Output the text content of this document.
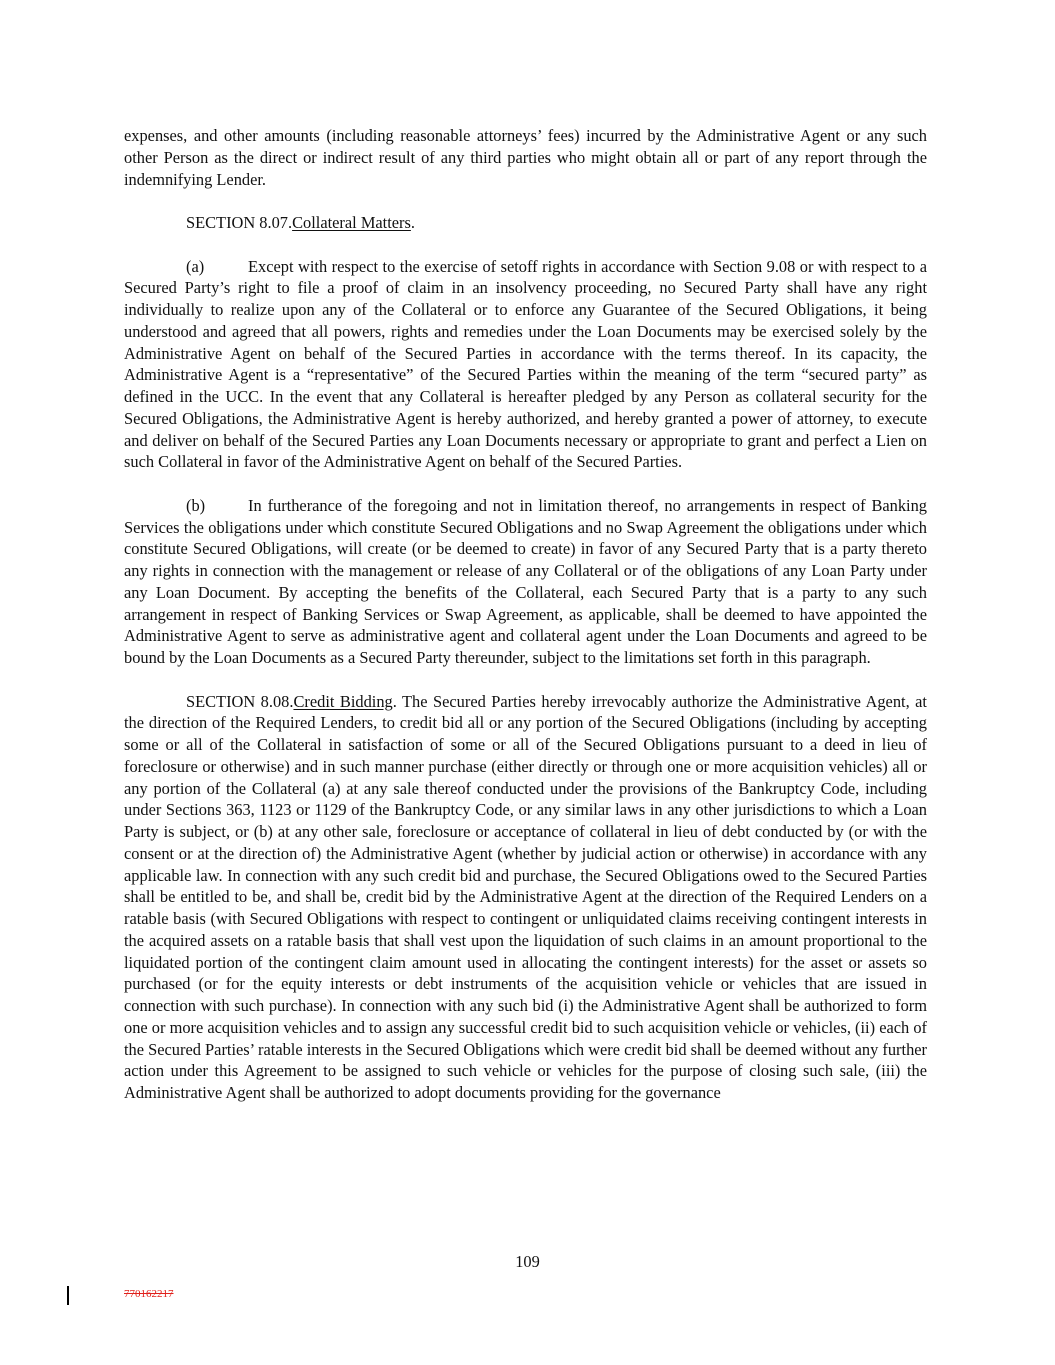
expenses, and other amounts (including reasonable attorneys’ fees) incurred by the Administrative Agent or any such other Person as the direct or indirect result of any third parties who might obtain all or part of any report through the indemnifying Lender.

SECTION 8.07.Collateral Matters.

(a)	Except with respect to the exercise of setoff rights in accordance with Section 9.08 or with respect to a Secured Party’s right to file a proof of claim in an insolvency proceeding, no Secured Party shall have any right individually to realize upon any of the Collateral or to enforce any Guarantee of the Secured Obligations, it being understood and agreed that all powers, rights and remedies under the Loan Documents may be exercised solely by the Administrative Agent on behalf of the Secured Parties in accordance with the terms thereof. In its capacity, the Administrative Agent is a “representative” of the Secured Parties within the meaning of the term “secured party” as defined in the UCC. In the event that any Collateral is hereafter pledged by any Person as collateral security for the Secured Obligations, the Administrative Agent is hereby authorized, and hereby granted a power of attorney, to execute and deliver on behalf of the Secured Parties any Loan Documents necessary or appropriate to grant and perfect a Lien on such Collateral in favor of the Administrative Agent on behalf of the Secured Parties.

(b)	In furtherance of the foregoing and not in limitation thereof, no arrangements in respect of Banking Services the obligations under which constitute Secured Obligations and no Swap Agreement the obligations under which constitute Secured Obligations, will create (or be deemed to create) in favor of any Secured Party that is a party thereto any rights in connection with the management or release of any Collateral or of the obligations of any Loan Party under any Loan Document. By accepting the benefits of the Collateral, each Secured Party that is a party to any such arrangement in respect of Banking Services or Swap Agreement, as applicable, shall be deemed to have appointed the Administrative Agent to serve as administrative agent and collateral agent under the Loan Documents and agreed to be bound by the Loan Documents as a Secured Party thereunder, subject to the limitations set forth in this paragraph.

SECTION 8.08.Credit Bidding. The Secured Parties hereby irrevocably authorize the Administrative Agent, at the direction of the Required Lenders, to credit bid all or any portion of the Secured Obligations (including by accepting some or all of the Collateral in satisfaction of some or all of the Secured Obligations pursuant to a deed in lieu of foreclosure or otherwise) and in such manner purchase (either directly or through one or more acquisition vehicles) all or any portion of the Collateral (a) at any sale thereof conducted under the provisions of the Bankruptcy Code, including under Sections 363, 1123 or 1129 of the Bankruptcy Code, or any similar laws in any other jurisdictions to which a Loan Party is subject, or (b) at any other sale, foreclosure or acceptance of collateral in lieu of debt conducted by (or with the consent or at the direction of) the Administrative Agent (whether by judicial action or otherwise) in accordance with any applicable law. In connection with any such credit bid and purchase, the Secured Obligations owed to the Secured Parties shall be entitled to be, and shall be, credit bid by the Administrative Agent at the direction of the Required Lenders on a ratable basis (with Secured Obligations with respect to contingent or unliquidated claims receiving contingent interests in the acquired assets on a ratable basis that shall vest upon the liquidation of such claims in an amount proportional to the liquidated portion of the contingent claim amount used in allocating the contingent interests) for the asset or assets so purchased (or for the equity interests or debt instruments of the acquisition vehicle or vehicles that are issued in connection with such purchase). In connection with any such bid (i) the Administrative Agent shall be authorized to form one or more acquisition vehicles and to assign any successful credit bid to such acquisition vehicle or vehicles, (ii) each of the Secured Parties’ ratable interests in the Secured Obligations which were credit bid shall be deemed without any further action under this Agreement to be assigned to such vehicle or vehicles for the purpose of closing such sale, (iii) the Administrative Agent shall be authorized to adopt documents providing for the governance

109
770162217
